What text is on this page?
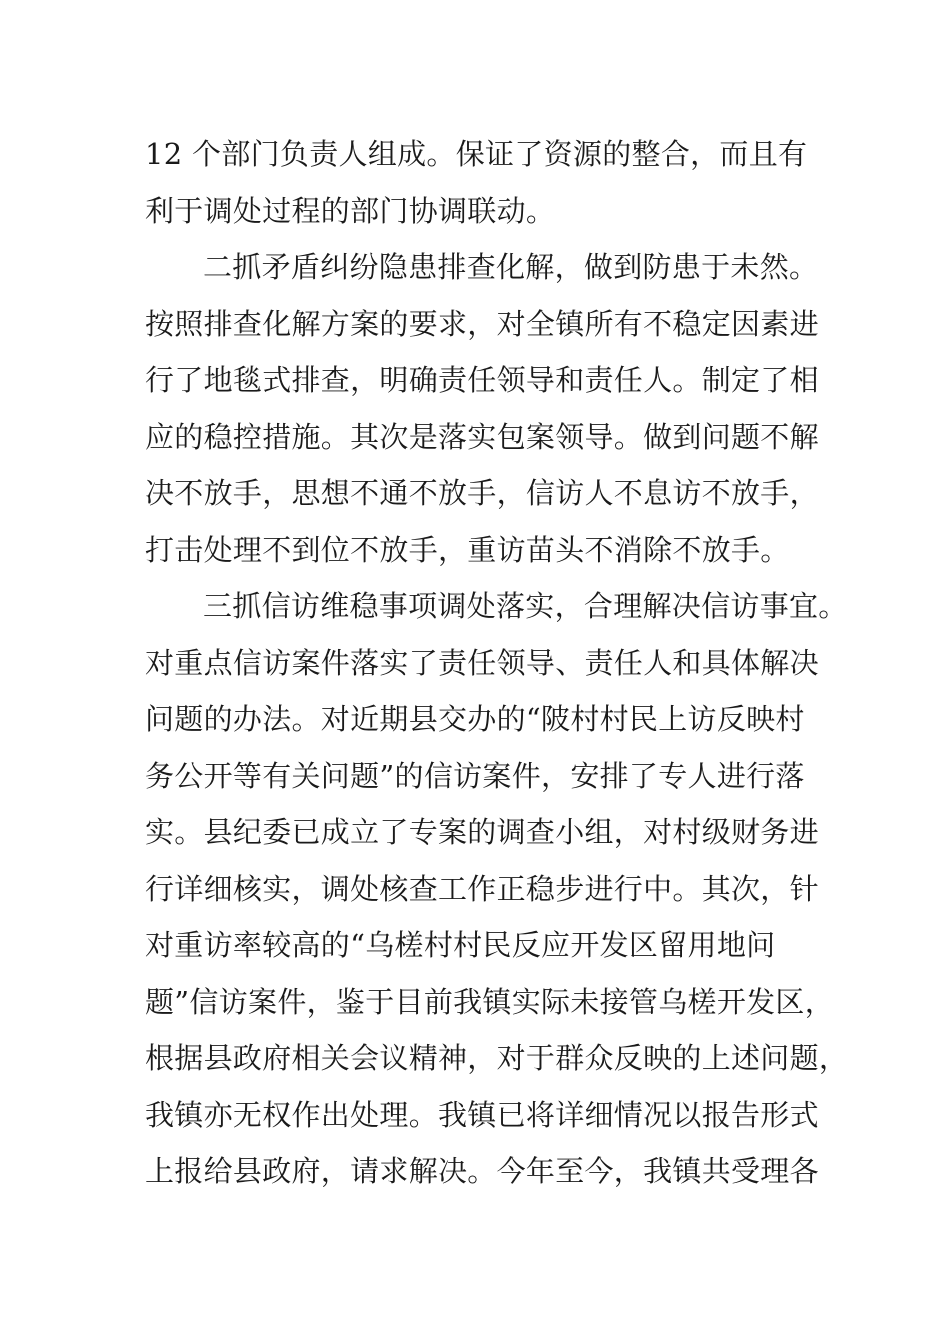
12 个部门负责人组成。保证了资源的整合，而且有
利于调处过程的部门协调联动。
二抓矛盾纠纷隐患排查化解，做到防患于未然。
按照排查化解方案的要求，对全镇所有不稳定因素进
行了地毯式排查，明确责任领导和责任人。制定了相
应的稳控措施。其次是落实包案领导。做到问题不解
决不放手，思想不通不放手，信访人不息访不放手，
打击处理不到位不放手，重访苗头不消除不放手。
三抓信访维稳事项调处落实，合理解决信访事宜。
对重点信访案件落实了责任领导、责任人和具体解决
问题的办法。对近期县交办的“陂村村民上访反映村
务公开等有关问题”的信访案件，安排了专人进行落
实。县纪委已成立了专案的调查小组，对村级财务进
行详细核实，调处核查工作正稳步进行中。其次，针
对重访率较高的“乌槎村村民反应开发区留用地问
题”信访案件，鉴于目前我镇实际未接管乌槎开发区，
根据县政府相关会议精神，对于群众反映的上述问题，
我镇亦无权作出处理。我镇已将详细情况以报告形式
上报给县政府，请求解决。今年至今，我镇共受理各
